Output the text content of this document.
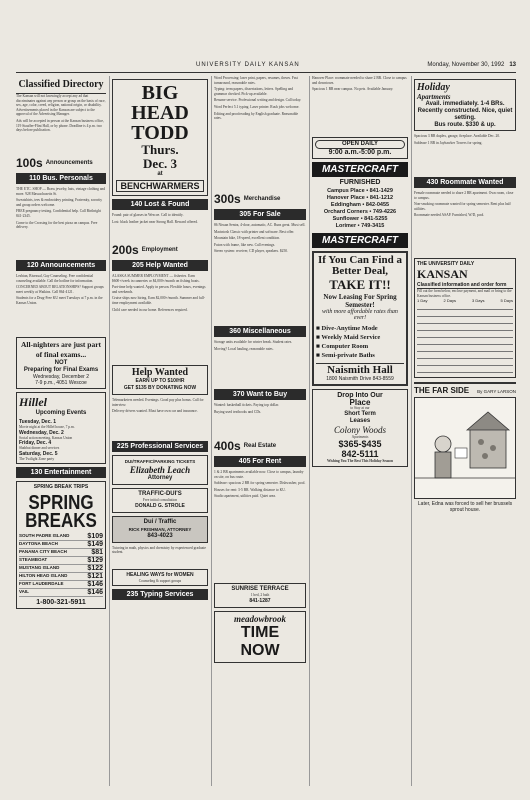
UNIVERSITY DAILY KANSAN	Monday, November 30, 1992 13
Classified Directory

The Kansan will not knowingly accept any ad that discriminates against any person or group on the basis of race, sex, age, color, creed, religion, national origin, or disability. Advertisements placed in the Kansan are subject to the approval of the Advertising Manager.

Ads will be accepted in person at the Kansan business office, 119 Stauffer-Flint Hall, or by phone. Deadline is 4 p.m. two days before publication.

100s Announcements
110 Bus. Personals

THE ETC. SHOP — Brass jewelry, hats, vintage clothing and more. 928 Massachusetts St.

Sweatshirts, tees & embroidery printing. Fraternity, sorority and group orders welcome.

FREE pregnancy testing. Confidential help. Call Birthright 841-2345.

Come to the Crossing for the best pizza on campus. Free delivery.

120 Announcements

Lesbian, Bisexual, Gay Counseling. Free confidential counseling available. Call the hotline for information.

CONCERNED ABOUT RELATIONSHIPS? Support groups meet weekly at Watkins. Call 864-4121.

Students for a Drug-Free KU meet Tuesdays at 7 p.m. in the Kansas Union.

All-nighters are just part of final exams...
NOT
Preparing for Final Exams
Wednesday, December 2
7-9 p.m., 4051 Wescoe
Hillel
Upcoming Events
Tuesday, Dec. 1
Movie night at the Hillel house, 7 p.m.
Wednesday, Dec. 2
Social action meeting, Kansas Union
Friday, Dec. 4
Shabbat dinner and services
Saturday, Dec. 5
The Twilight Zone party
130 Entertainment
SPRING BREAK TRIPS
SPRING
BREAKS
SOUTH PADRE ISLAND	$109
DAYTONA BEACH	$149
PANAMA CITY BEACH	$81
STEAMBOAT	$129
MUSTANG ISLAND	$122
HILTON HEAD ISLAND	$121
FORT LAUDERDALE	$146
VAIL	$146
1-800-321-5911
BIG HEAD
TODD
Thurs.
Dec. 3
at
BENCHWARMERS
140 Lost & Found

Found: pair of glasses in Wescoe. Call to identify.

Lost: black leather jacket near Strong Hall. Reward offered.

200s Employment
205 Help Wanted

ALASKA SUMMER EMPLOYMENT — fisheries. Earn $600+/week in canneries or $4,000+/month on fishing boats.

Part-time help wanted. Apply in person. Flexible hours, evenings and weekends.

Cruise ships now hiring. Earn $2,000+/month. Summer and full-time employment available.

Child care needed in our home. References required.

Help Wanted
EARN UP TO $10/HR
GET $135 BY DONATING NOW

Telemarketers needed. Evenings. Good pay plus bonus. Call for interview.

Delivery drivers wanted. Must have own car and insurance.

225 Professional Services
DUI/TRAFFIC/PARKING TICKETS
Elizabeth Leach
Attorney
TRAFFIC-DUI'S
Free initial consultation
DONALD G. STROLE
Dui / Traffic
RICK FRISHMAN, ATTORNEY
843-4023

Tutoring in math, physics and chemistry by experienced graduate student.

HEALING WAYS for WOMEN
Counseling & support groups
235 Typing Services

Word Processing: laser print, papers, resumes, theses. Fast turnaround, reasonable rates.

Typing: term papers, dissertations, letters. Spelling and grammar checked. Pick-up available.

Resume service. Professional writing and design. Call today.

Word Perfect 5.1 typing. Laser printer. Rush jobs welcome.

Editing and proofreading by English graduate. Reasonable rates.

300s Merchandise
305 For Sale

86 Nissan Sentra, 4-door, automatic, AC. Runs great. Must sell.

Macintosh Classic with printer and software. Best offer.

Mountain bike, 18-speed, excellent condition.

Futon with frame, like new. Call evenings.

Stereo system: receiver, CD player, speakers. $250.

360 Miscellaneous

Storage units available for winter break. Student rates.

Moving? Local hauling, reasonable rates.

370 Want to Buy

Wanted: basketball tickets. Paying top dollar.

Buying used textbooks and CDs.

400s Real Estate
405 For Rent

1 & 2 BR apartments available now. Close to campus, laundry on site, on bus route.

Sublease: spacious 2 BR for spring semester. Dishwasher, pool.

Houses for rent: 3-5 BR. Walking distance to KU.

Studio apartment, utilities paid. Quiet area.

SUNRISE TERRACE
1 bed, 2 bath
841-1287
meadowbrook
TIME
NOW

Hanover Place: roommate needed to share 2 BR. Close to campus and downtown.

Spacious 1 BR near campus. No pets. Available January.

OPEN DAILY
9:00 a.m.-5:00 p.m.
MASTERCRAFT
FURNISHED
Campus Place • 841-1429
Hanover Place • 841-1212
Eddingham • 842-0455
Orchard Corners • 749-4226
Sunflower • 841-5255
Lorimer • 749-3415
MASTERCRAFT
If You Can Find a Better Deal,
TAKE IT!!
Now Leasing For Spring Semester!
with more affordable rates than ever!
■ Dive-Anytime Mode
■ Weekly Maid Service
■ Computer Room
■ Semi-private Baths
Naismith Hall
1800 Naismith Drive 843-8559
Drop Into Our
Place
to Stay at our
Short Term
Leases
Colony Woods
Apartments
$365-$435
842-5111
Wishing You The Best This Holiday Season
Holiday
Apartments
Avail. immediately. 1-4 BRs. Recently constructed. Nice, quiet setting.
Bus route. $330 & up.

Spacious 3 BR duplex, garage, fireplace. Available Dec. 20.

Sublease 1 BR in Jayhawker Towers for spring.

430 Roommate Wanted

Female roommate needed to share 2 BR apartment. Own room, close to campus.

Non-smoking roommate wanted for spring semester. Rent plus half utilities.

Roommate needed ASAP. Furnished, W/D, pool.

THE UNIVERSITY DAILY
KANSAN
Classified information and order form
Fill out the form below, enclose payment, and mail or bring to the Kansan business office.
1 Day	2 Days	3 Days	5 Days
THE FAR SIDE By GARY LARSON
Later, Edna was forced to sell her brussels sprout house.
